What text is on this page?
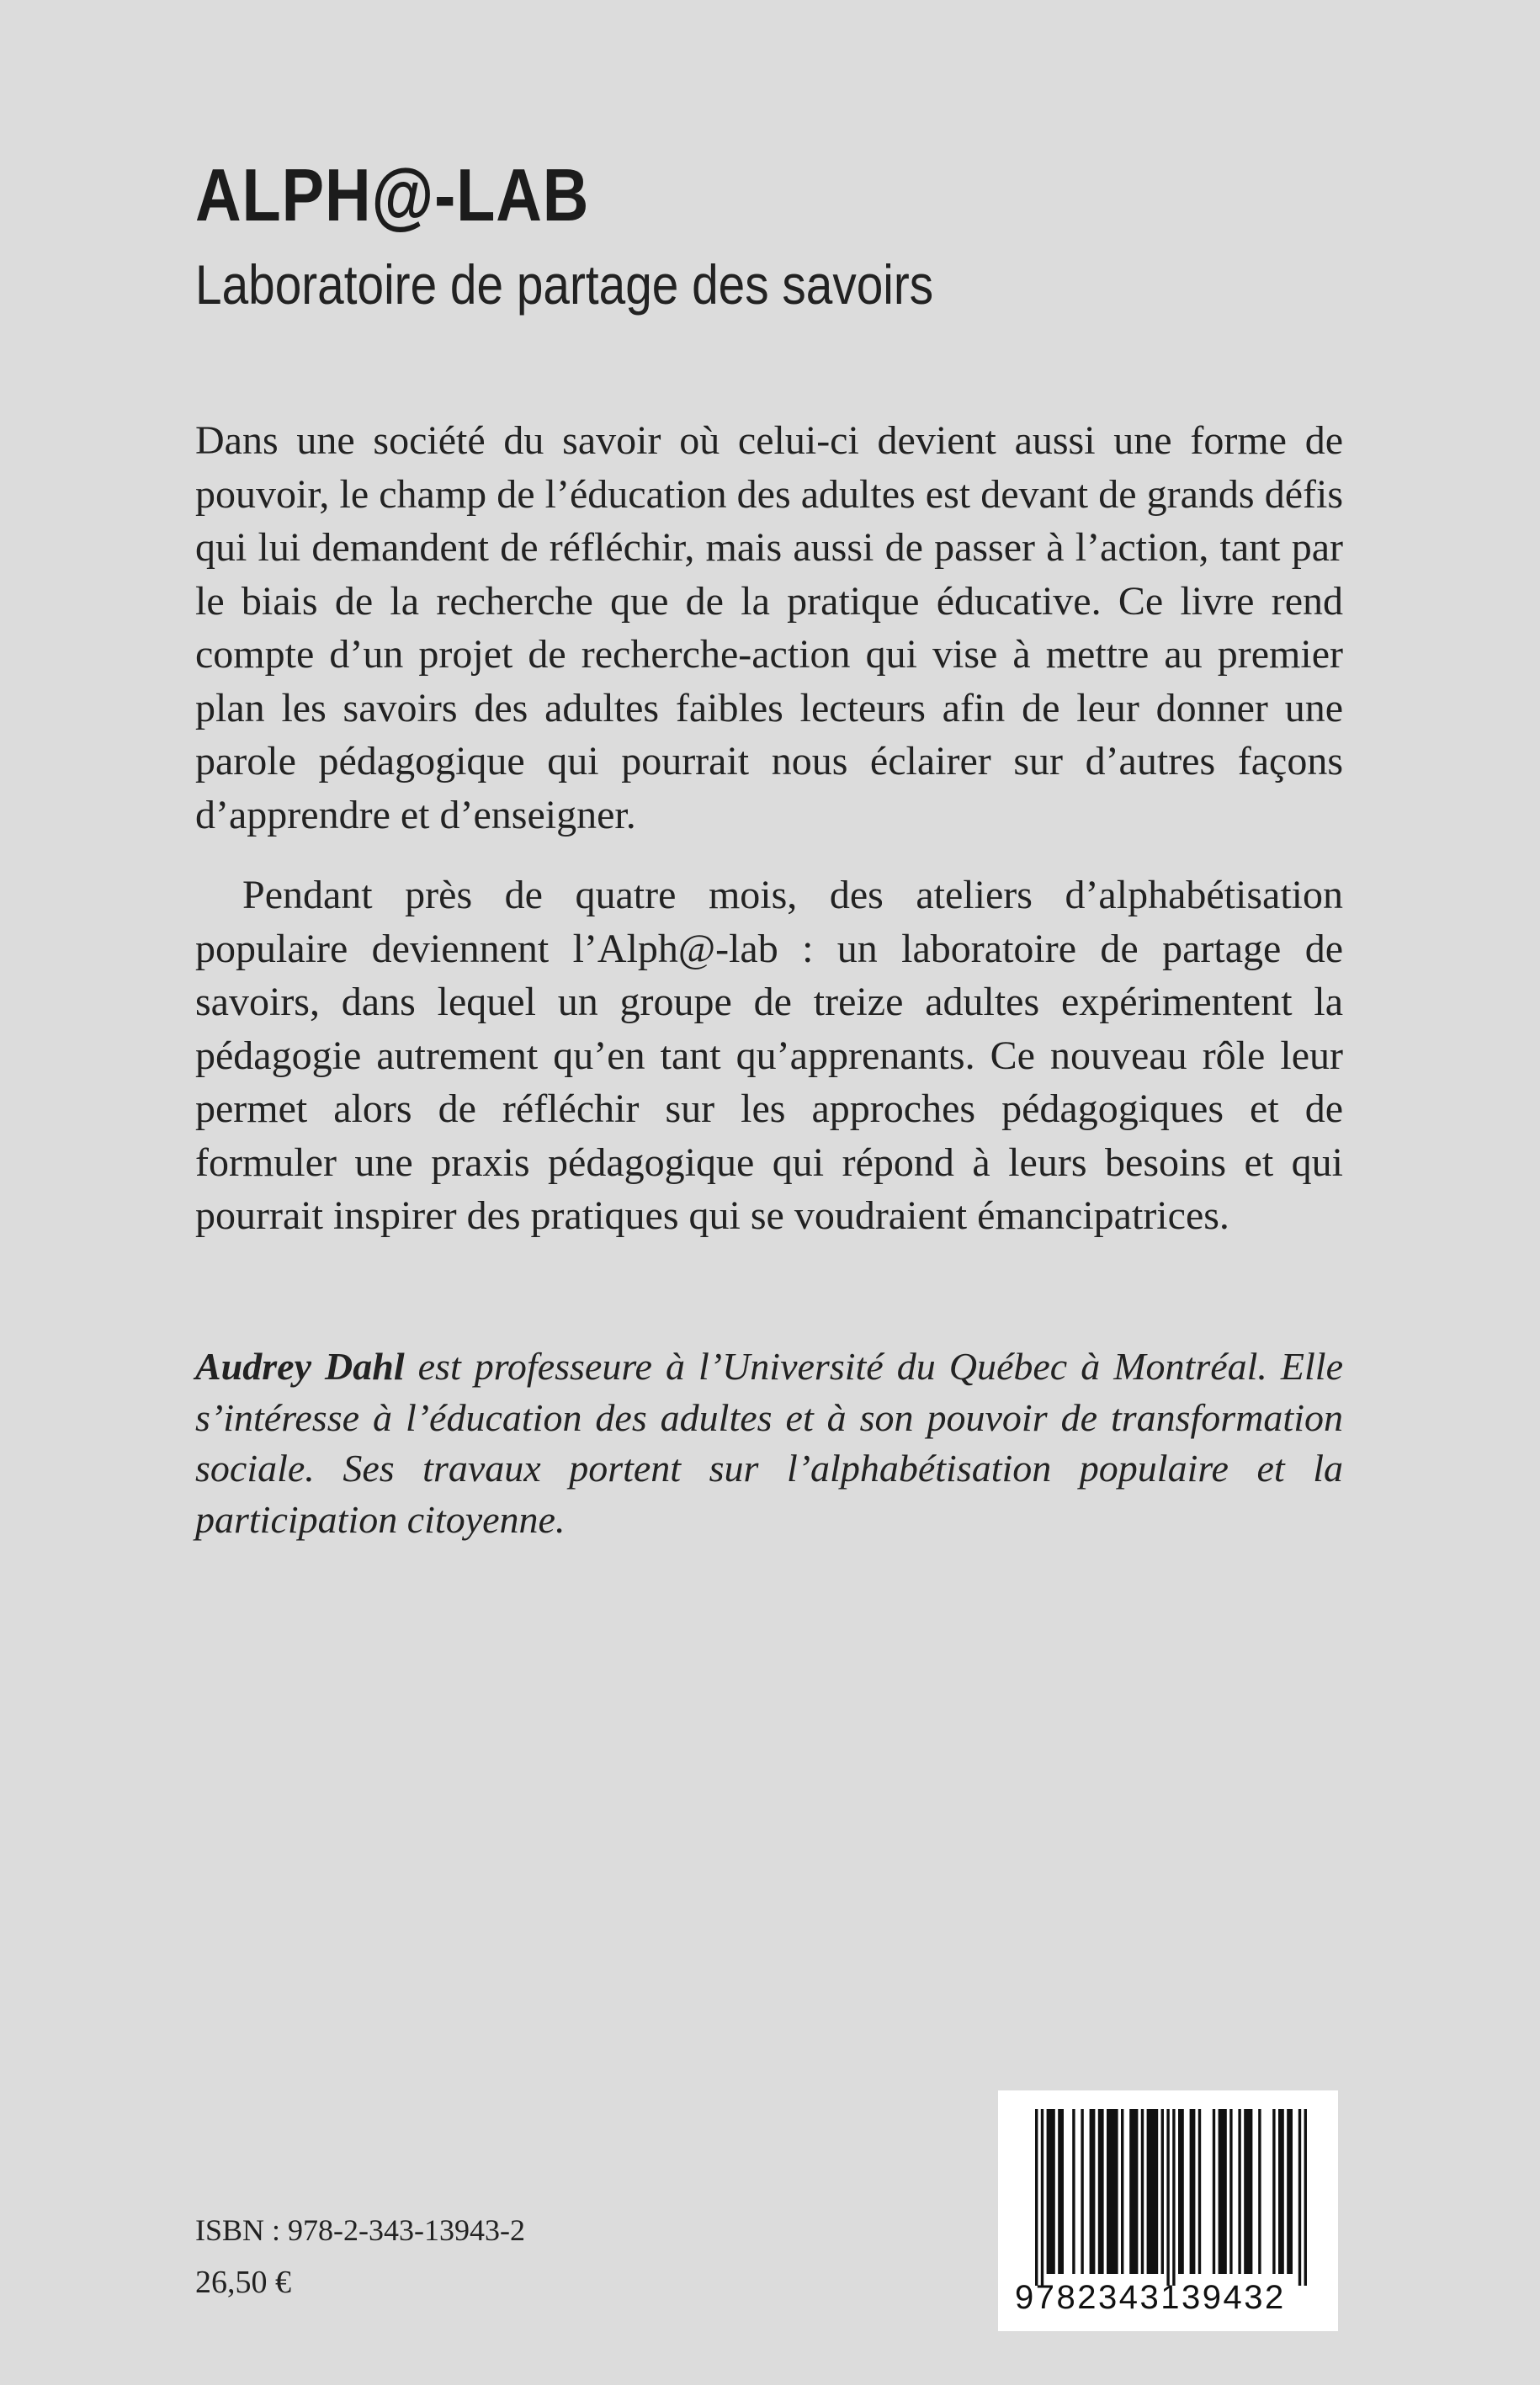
ALPH@-LAB
Laboratoire de partage des savoirs

Dans une société du savoir où celui-ci devient aussi une forme de pouvoir, le champ de l’éducation des adultes est devant de grands défis qui lui demandent de réfléchir, mais aussi de passer à l’action, tant par le biais de la recherche que de la pratique éducative. Ce livre rend compte d’un projet de recherche-action qui vise à mettre au premier plan les savoirs des adultes faibles lecteurs afin de leur donner une parole pédagogique qui pourrait nous éclairer sur d’autres façons d’apprendre et d’enseigner.

Pendant près de quatre mois, des ateliers d’alphabétisation populaire deviennent l’Alph@-lab : un laboratoire de partage de savoirs, dans lequel un groupe de treize adultes expérimentent la pédagogie autrement qu’en tant qu’apprenants. Ce nouveau rôle leur permet alors de réfléchir sur les approches pédagogiques et de formuler une praxis pédagogique qui répond à leurs besoins et qui pourrait inspirer des pratiques qui se voudraient émancipatrices.

Audrey Dahl est professeure à l’Université du Québec à Montréal. Elle s’intéresse à l’éducation des adultes et à son pouvoir de transformation sociale. Ses travaux portent sur l’alphabétisation populaire et la participation citoyenne.

ISBN : 978-2-343-13943-2

26,50 €	9782343139432
